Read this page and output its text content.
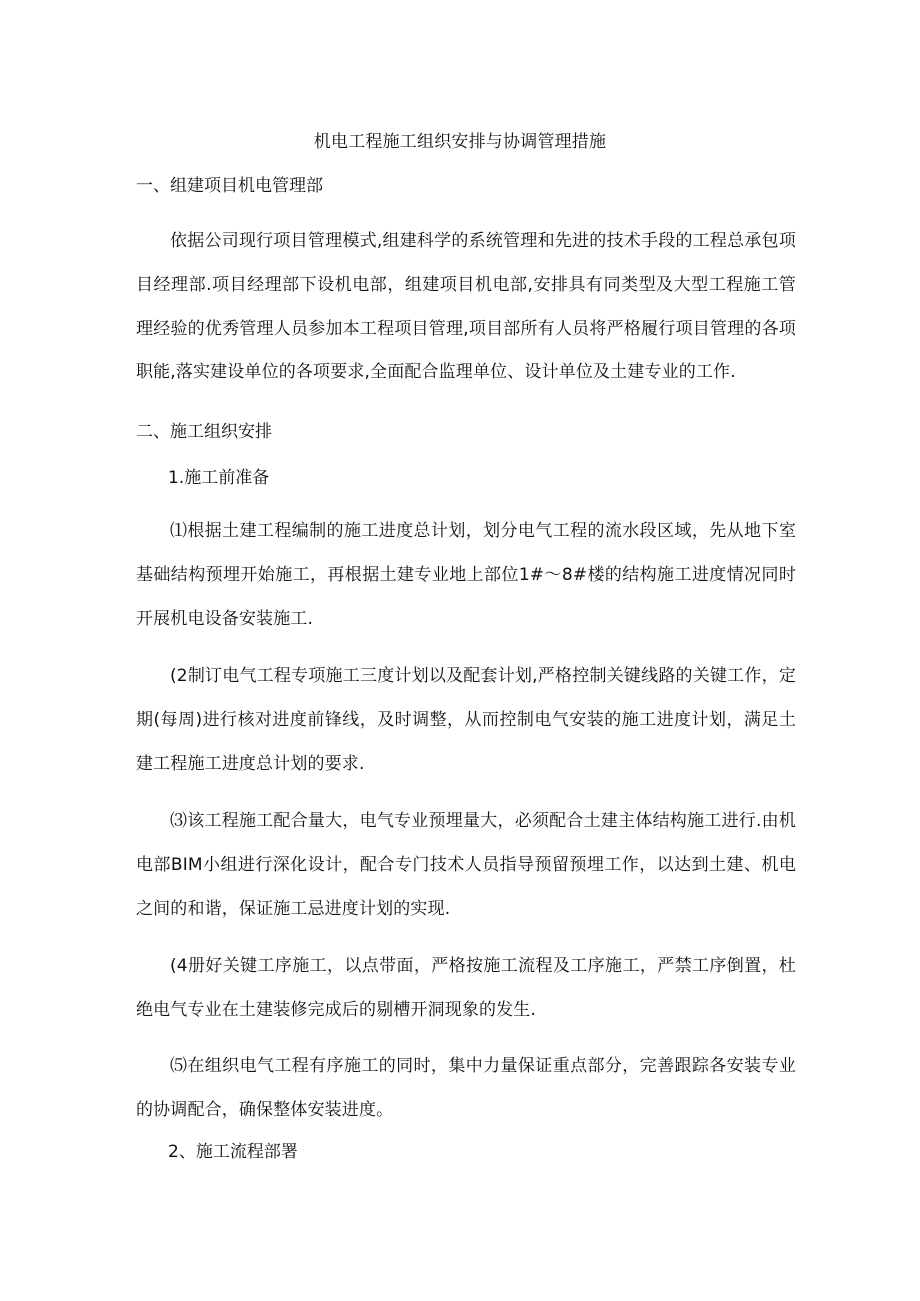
机电工程施工组织安排与协调管理措施
一、组建项目机电管理部
依据公司现行项目管理模式,组建科学的系统管理和先进的技术手段的工程总承包项目经理部.项目经理部下设机电部，组建项目机电部,安排具有同类型及大型工程施工管理经验的优秀管理人员参加本工程项目管理,项目部所有人员将严格履行项目管理的各项职能,落实建设单位的各项要求,全面配合监理单位、设计单位及土建专业的工作.
二、施工组织安排
1.施工前准备
⑴根据土建工程编制的施工进度总计划，划分电气工程的流水段区域，先从地下室基础结构预埋开始施工，再根据土建专业地上部位1#〜8#楼的结构施工进度情况同时开展机电设备安装施工.
(2制订电气工程专项施工三度计划以及配套计划,严格控制关键线路的关键工作，定期(每周)进行核对进度前锋线，及时调整，从而控制电气安装的施工进度计划，满足土建工程施工进度总计划的要求.
⑶该工程施工配合量大，电气专业预埋量大，必须配合土建主体结构施工进行.由机电部BIM小组进行深化设计，配合专门技术人员指导预留预埋工作，以达到土建、机电之间的和谐，保证施工忌进度计划的实现.
(4册好关键工序施工，以点带面，严格按施工流程及工序施工，严禁工序倒置，杜绝电气专业在土建装修完成后的剔槽开洞现象的发生.
⑸在组织电气工程有序施工的同时，集中力量保证重点部分，完善跟踪各安装专业的协调配合，确保整体安装进度。
2、施工流程部署
